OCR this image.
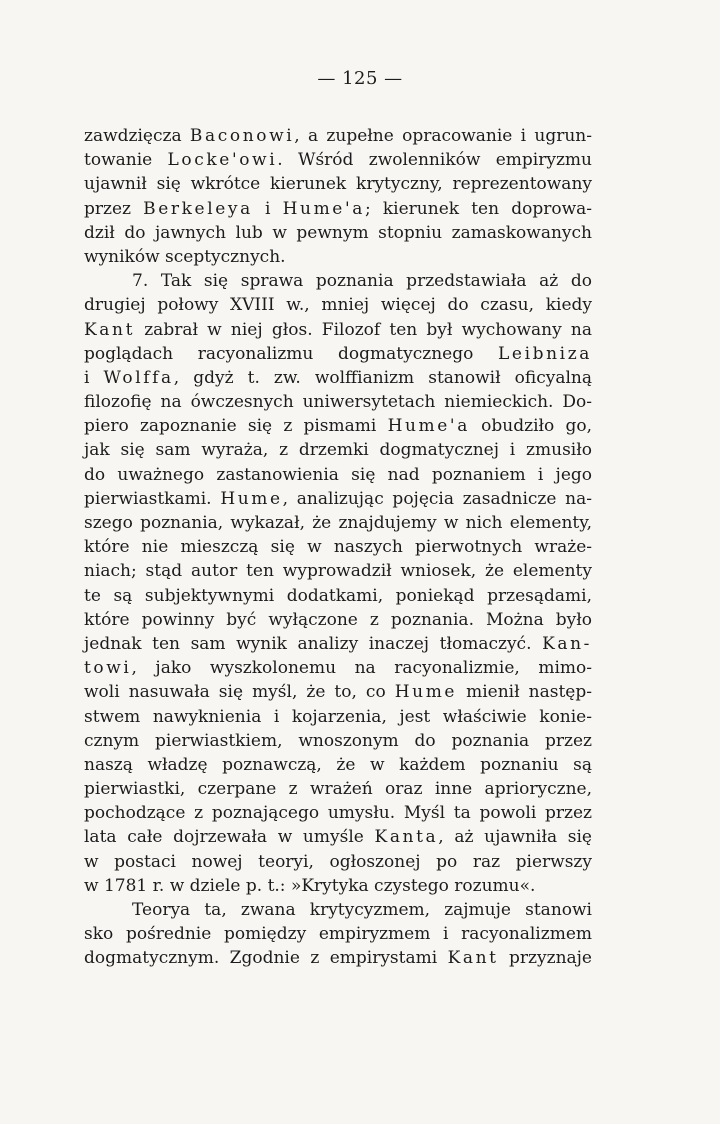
— 125 —
zawdzięcza Baconowi, a zupełne opracowanie i ugrun-
towanie Locke'owi. Wśród zwolenników empiryzmu
ujawnił się wkrótce kierunek krytyczny, reprezentowany
przez Berkeleya i Hume'a; kierunek ten doprowa-
dził do jawnych lub w pewnym stopniu zamaskowanych
wyników sceptycznych.
7. Tak się sprawa poznania przedstawiała aż do
drugiej połowy XVIII w., mniej więcej do czasu, kiedy
Kant zabrał w niej głos. Filozof ten był wychowany na
poglądach racyonalizmu dogmatycznego Leibniza
i Wolffa, gdyż t. zw. wolffianizm stanowił oficyalną
filozofię na ówczesnych uniwersytetach niemieckich. Do-
piero zapoznanie się z pismami Hume'a obudziło go,
jak się sam wyraża, z drzemki dogmatycznej i zmusiło
do uważnego zastanowienia się nad poznaniem i jego
pierwiastkami. Hume, analizując pojęcia zasadnicze na-
szego poznania, wykazał, że znajdujemy w nich elementy,
które nie mieszczą się w naszych pierwotnych wraże-
niach; stąd autor ten wyprowadził wniosek, że elementy
te są subjektywnymi dodatkami, poniekąd przesądami,
które powinny być wyłączone z poznania. Można było
jednak ten sam wynik analizy inaczej tłomaczyć. Kan-
towi, jako wyszkolonemu na racyonalizmie, mimo-
woli nasuwała się myśl, że to, co Hume mienił następ-
stwem nawyknienia i kojarzenia, jest właściwie konie-
cznym pierwiastkiem, wnoszonym do poznania przez
naszą władzę poznawczą, że w każdem poznaniu są
pierwiastki, czerpane z wrażeń oraz inne aprioryczne,
pochodzące z poznającego umysłu. Myśl ta powoli przez
lata całe dojrzewała w umyśle Kanta, aż ujawniła się
w postaci nowej teoryi, ogłoszonej po raz pierwszy
w 1781 r. w dziele p. t.: »Krytyka czystego rozumu«.
Teorya ta, zwana krytycyzmem, zajmuje stanowi
sko pośrednie pomiędzy empiryzmem i racyonalizmem
dogmatycznym. Zgodnie z empirystami Kant przyznaje
